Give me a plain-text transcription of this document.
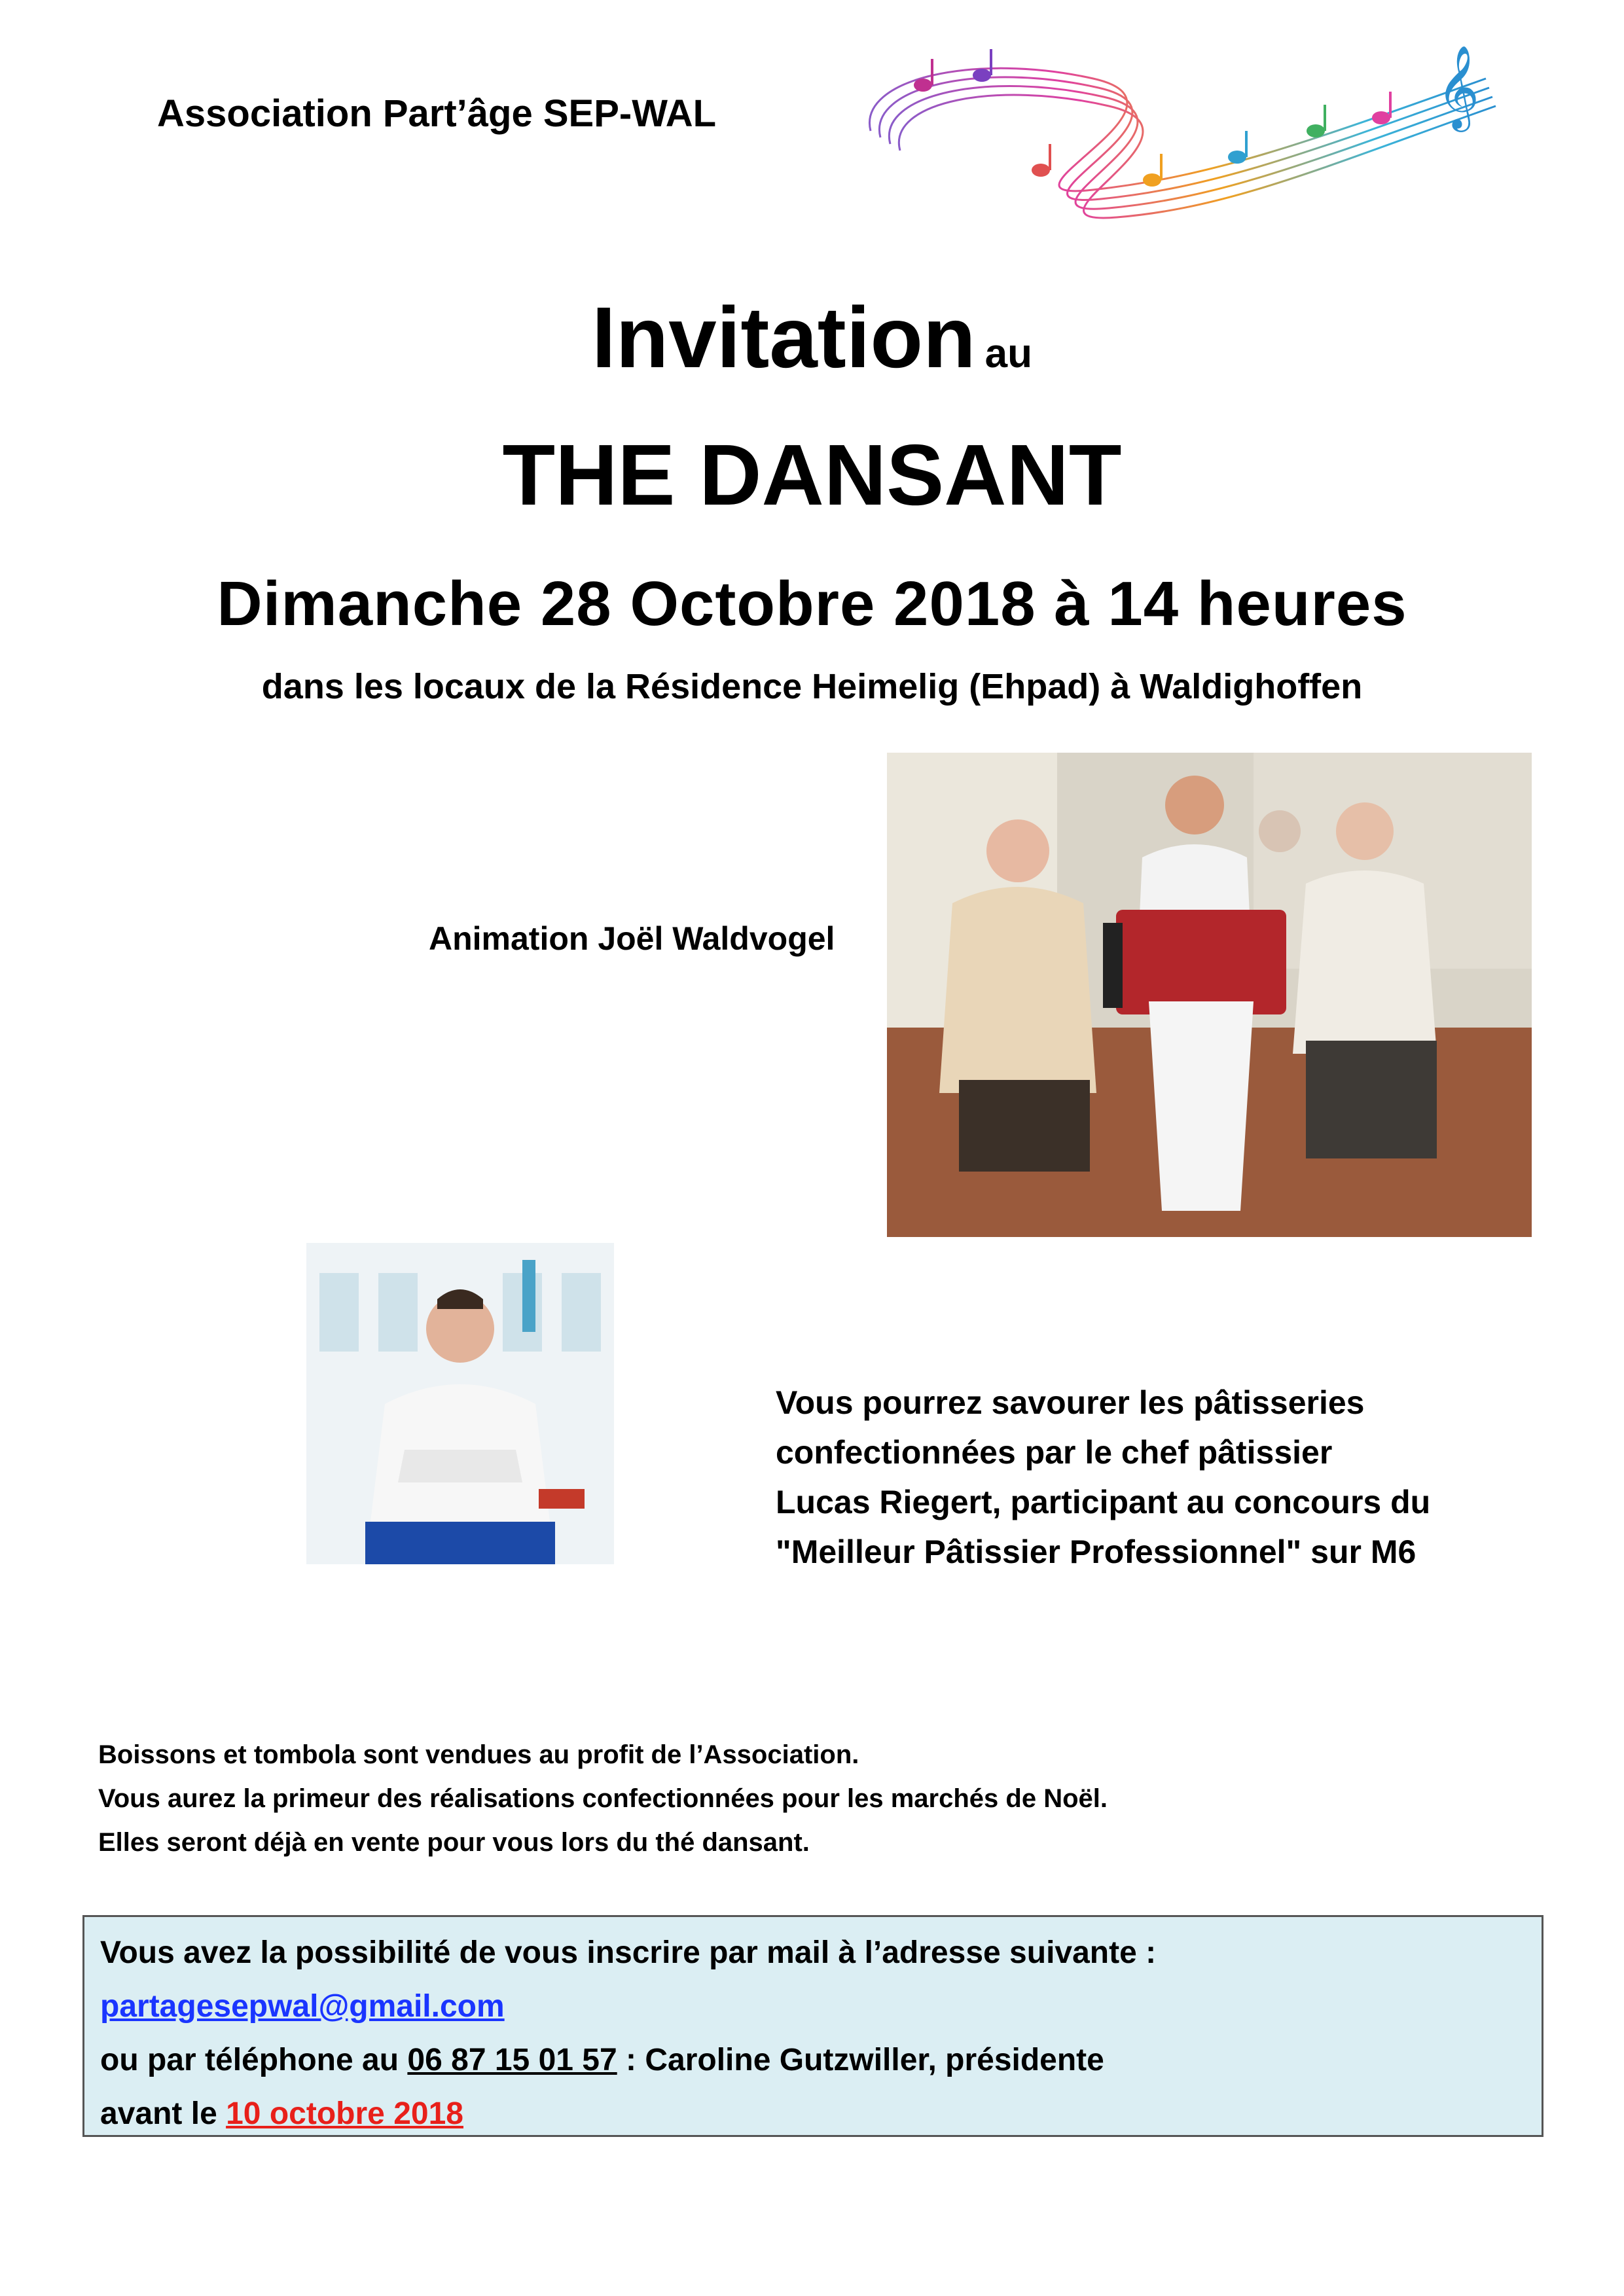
Association Part’âge SEP-WAL	𝄞
Invitation au
THE DANSANT
Dimanche 28 Octobre 2018 à 14 heures
dans les locaux de la Résidence Heimelig (Ehpad) à Waldighoffen
Animation Joël Waldvogel
Vous pourrez savourer les pâtisseries
confectionnées par le chef pâtissier
Lucas Riegert, participant au concours du
"Meilleur Pâtissier Professionnel" sur M6
Boissons et tombola sont vendues au profit de l’Association.
Vous aurez la primeur des réalisations confectionnées pour les marchés de Noël.
Elles seront déjà en vente pour vous lors du thé dansant.
Vous avez la possibilité de vous inscrire par mail à l’adresse suivante :
partagesepwal@gmail.com
ou par téléphone au 06 87 15 01 57 : Caroline Gutzwiller, présidente
avant le 10 octobre 2018
